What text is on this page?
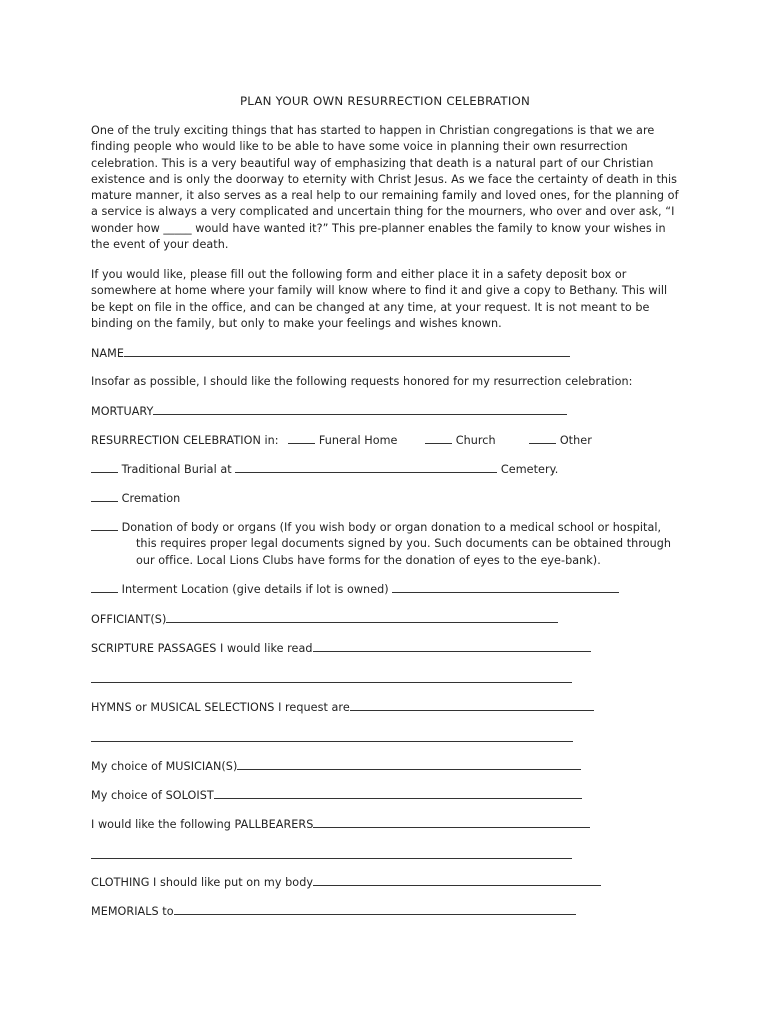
PLAN YOUR OWN RESURRECTION CELEBRATION

One of the truly exciting things that has started to happen in Christian congregations is that we are finding people who would like to be able to have some voice in planning their own resurrection celebration. This is a very beautiful way of emphasizing that death is a natural part of our Christian existence and is only the doorway to eternity with Christ Jesus. As we face the certainty of death in this mature manner, it also serves as a real help to our remaining family and loved ones, for the planning of a service is always a very complicated and uncertain thing for the mourners, who over and over ask, “I wonder how _____ would have wanted it?” This pre-planner enables the family to know your wishes in the event of your death.

If you would like, please fill out the following form and either place it in a safety deposit box or somewhere at home where your family will know where to find it and give a copy to Bethany. This will be kept on file in the office, and can be changed at any time, at your request. It is not meant to be binding on the family, but only to make your feelings and wishes known.

NAME
Insofar as possible, I should like the following requests honored for my resurrection celebration:
MORTUARY
RESURRECTION CELEBRATION in:	Funeral Home	Church	Other
Traditional Burial at	Cemetery.
Cremation
Donation of body or organs (If you wish body or organ donation to a medical school or hospital,
this requires proper legal documents signed by you. Such documents can be obtained through our office. Local Lions Clubs have forms for the donation of eyes to the eye-bank).
Interment Location (give details if lot is owned)
OFFICIANT(S)
SCRIPTURE PASSAGES I would like read
HYMNS or MUSICAL SELECTIONS I request are
My choice of MUSICIAN(S)
My choice of SOLOIST
I would like the following PALLBEARERS
CLOTHING I should like put on my body
MEMORIALS to
